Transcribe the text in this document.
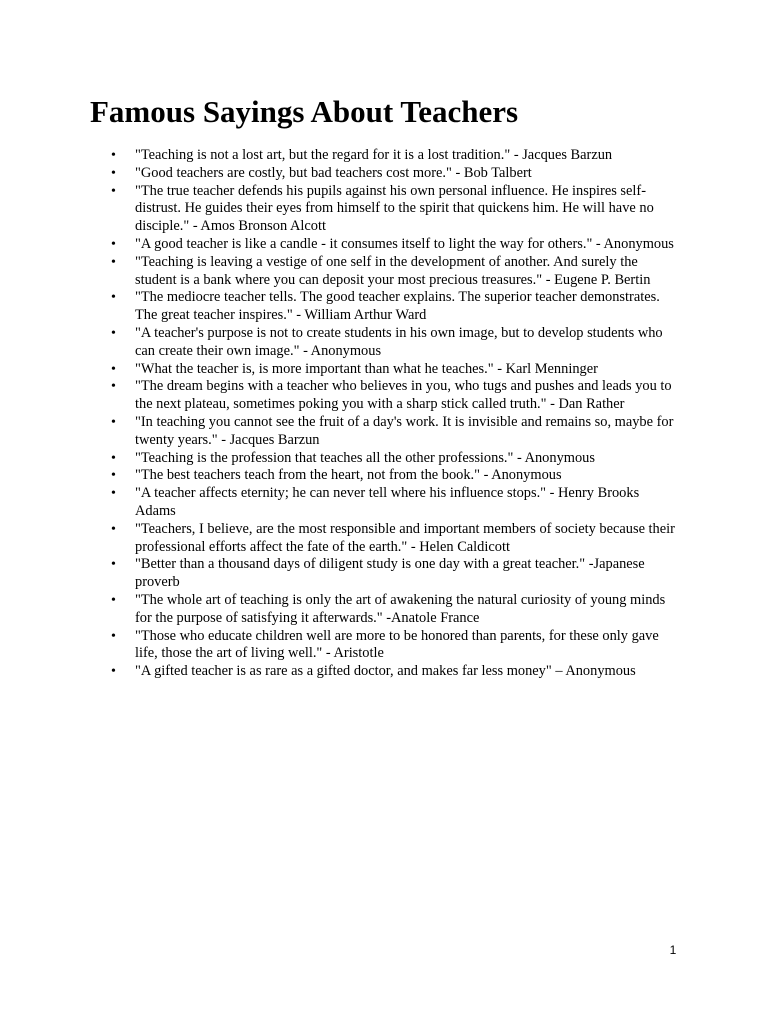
Famous Sayings About Teachers
• "Teaching is not a lost art, but the regard for it is a lost tradition." - Jacques Barzun
• "Good teachers are costly, but bad teachers cost more." - Bob Talbert
• "The true teacher defends his pupils against his own personal influence. He inspires self-distrust. He guides their eyes from himself to the spirit that quickens him. He will have no disciple." - Amos Bronson Alcott
• "A good teacher is like a candle - it consumes itself to light the way for others." - Anonymous
• "Teaching is leaving a vestige of one self in the development of another. And surely the student is a bank where you can deposit your most precious treasures." - Eugene P. Bertin
• "The mediocre teacher tells. The good teacher explains. The superior teacher demonstrates. The great teacher inspires." - William Arthur Ward
• "A teacher's purpose is not to create students in his own image, but to develop students who can create their own image." - Anonymous
• "What the teacher is, is more important than what he teaches." - Karl Menninger
• "The dream begins with a teacher who believes in you, who tugs and pushes and leads you to the next plateau, sometimes poking you with a sharp stick called truth." - Dan Rather
• "In teaching you cannot see the fruit of a day's work. It is invisible and remains so, maybe for twenty years." - Jacques Barzun
• "Teaching is the profession that teaches all the other professions." - Anonymous
• "The best teachers teach from the heart, not from the book." - Anonymous
• "A teacher affects eternity; he can never tell where his influence stops." - Henry Brooks Adams
• "Teachers, I believe, are the most responsible and important members of society because their professional efforts affect the fate of the earth." - Helen Caldicott
• "Better than a thousand days of diligent study is one day with a great teacher." -Japanese proverb
• "The whole art of teaching is only the art of awakening the natural curiosity of young minds for the purpose of satisfying it afterwards." -Anatole France
• "Those who educate children well are more to be honored than parents, for these only gave life, those the art of living well." - Aristotle
• "A gifted teacher is as rare as a gifted doctor, and makes far less money" – Anonymous
1
